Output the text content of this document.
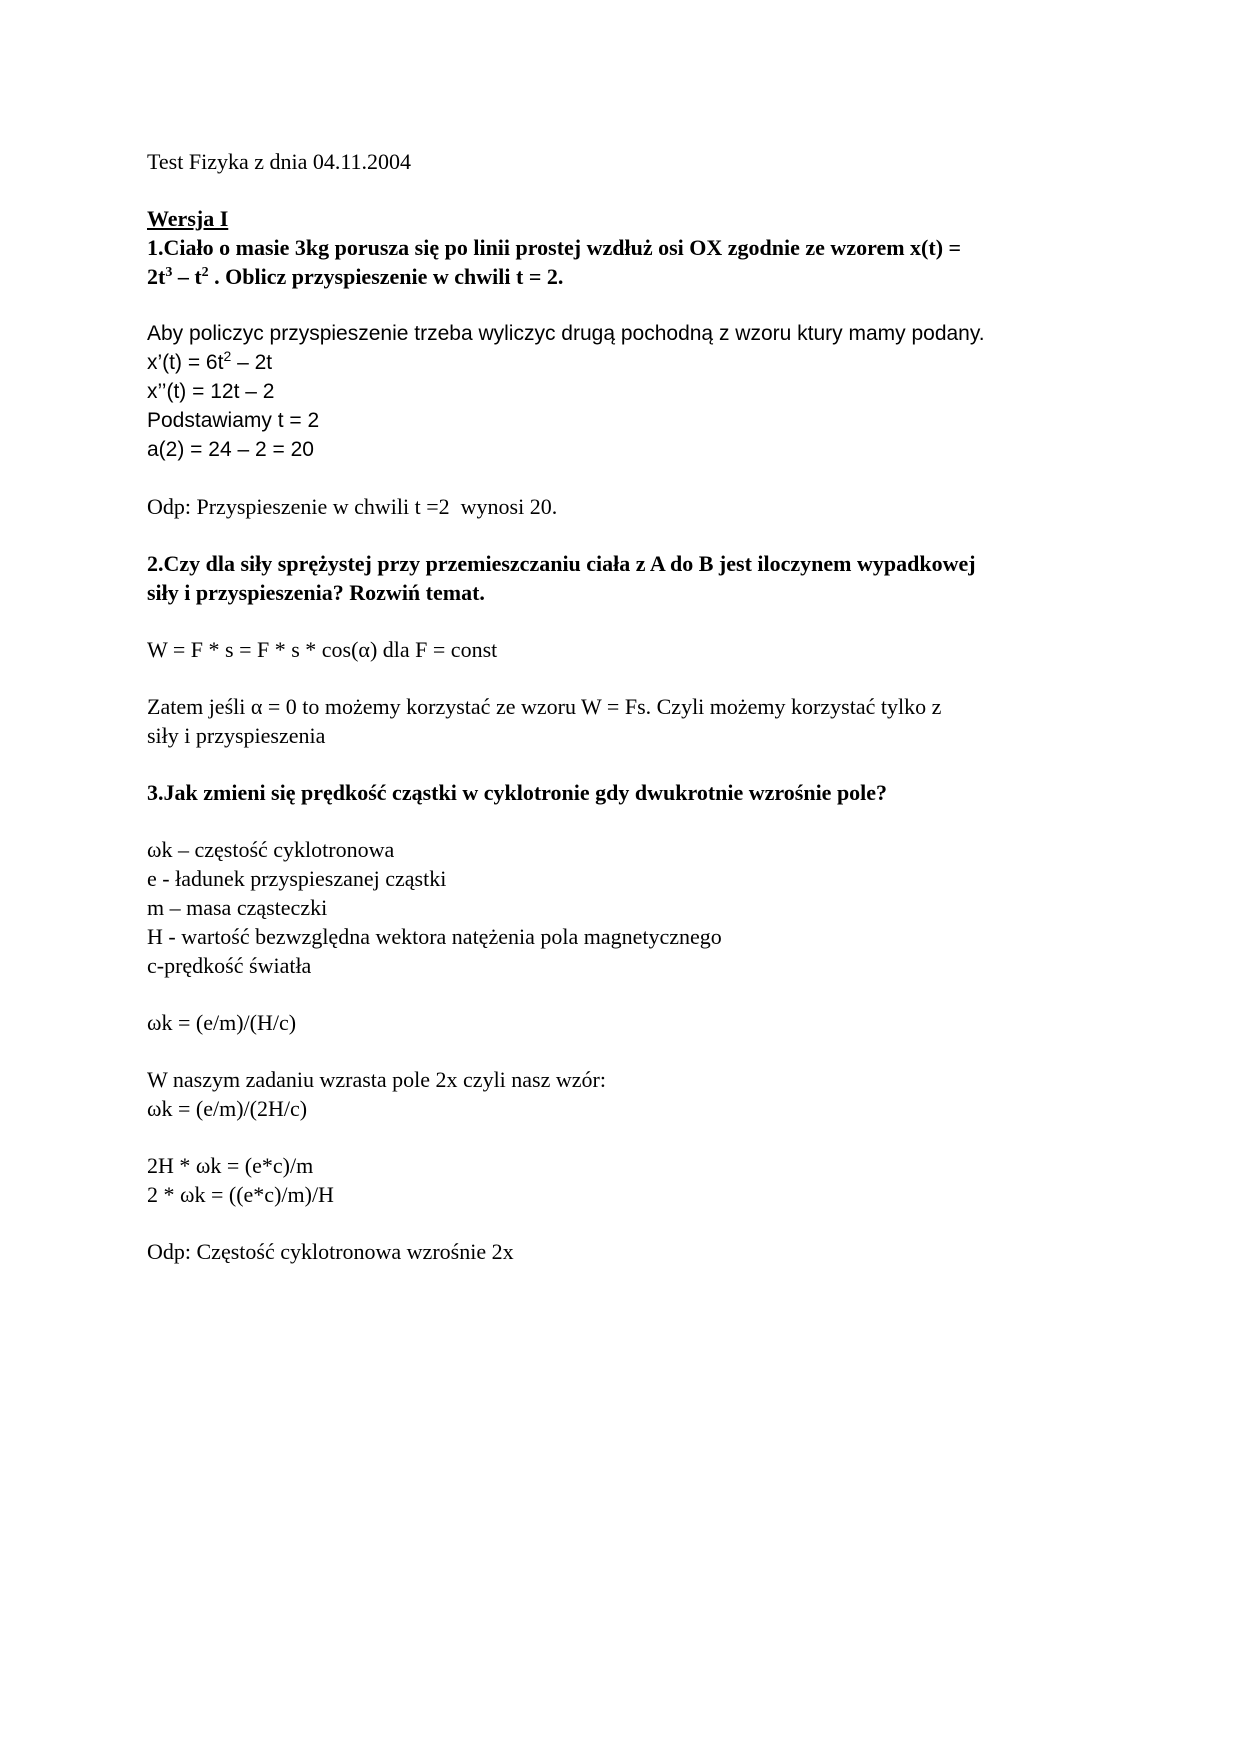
Test Fizyka z dnia 04.11.2004
Wersja I
1.Ciało o masie 3kg porusza się po linii prostej wzdłuż osi OX zgodnie ze wzorem x(t) =
$2t^3 - t^2$ . Oblicz przyspieszenie w chwili t = 2.
Aby policzyc przyspieszenie trzeba wyliczyc drugą pochodną z wzoru ktury mamy podany.
x’(t) = $6t^2 - 2t$
x’’(t) = 12t – 2
Podstawiamy t = 2
a(2) = 24 – 2 = 20
Odp: Przyspieszenie w chwili t =2  wynosi 20.
2.Czy dla siły sprężystej przy przemieszczaniu ciała z A do B jest iloczynem wypadkowej
siły i przyspieszenia? Rozwiń temat.
W = F * s = F * s * cos(α) dla F = const
Zatem jeśli α = 0 to możemy korzystać ze wzoru W = Fs. Czyli możemy korzystać tylko z
siły i przyspieszenia
3.Jak zmieni się prędkość cząstki w cyklotronie gdy dwukrotnie wzrośnie pole?
ωk – częstość cyklotronowa
e - ładunek przyspieszanej cząstki
m – masa cząsteczki
H - wartość bezwzględna wektora natężenia pola magnetycznego
c-prędkość światła
ωk = (e/m)/(H/c)
W naszym zadaniu wzrasta pole 2x czyli nasz wzór:
ωk = (e/m)/(2H/c)
2H * ωk = (e*c)/m
2 * ωk = ((e*c)/m)/H
Odp: Częstość cyklotronowa wzrośnie 2x
